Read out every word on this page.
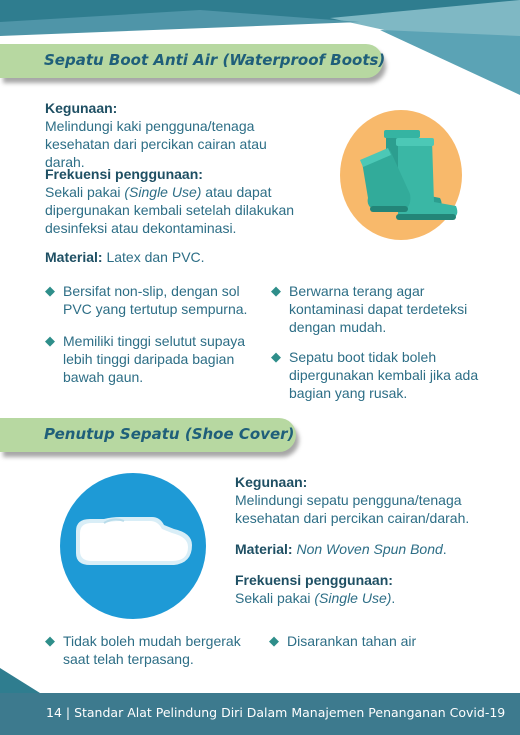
Sepatu Boot Anti Air (Waterproof Boots)
Kegunaan:
Melindungi kaki pengguna/tenaga kesehatan dari percikan cairan atau darah.
Frekuensi penggunaan:
Sekali pakai (Single Use) atau dapat dipergunakan kembali setelah dilakukan desinfeksi atau dekontaminasi.
Material: Latex dan PVC.
◆ Bersifat non-slip, dengan sol PVC yang tertutup sempurna.
◆ Memiliki tinggi selutut supaya lebih tinggi daripada bagian bawah gaun.
◆ Berwarna terang agar kontaminasi dapat terdeteksi dengan mudah.
◆ Sepatu boot tidak boleh dipergunakan kembali jika ada bagian yang rusak.
Penutup Sepatu (Shoe Cover)
Kegunaan:
Melindungi sepatu pengguna/tenaga kesehatan dari percikan cairan/darah.
Material: Non Woven Spun Bond.
Frekuensi penggunaan:
Sekali pakai (Single Use).
◆ Tidak boleh mudah bergerak saat telah terpasang.
◆ Disarankan tahan air
14 | Standar Alat Pelindung Diri Dalam Manajemen Penanganan Covid-19
